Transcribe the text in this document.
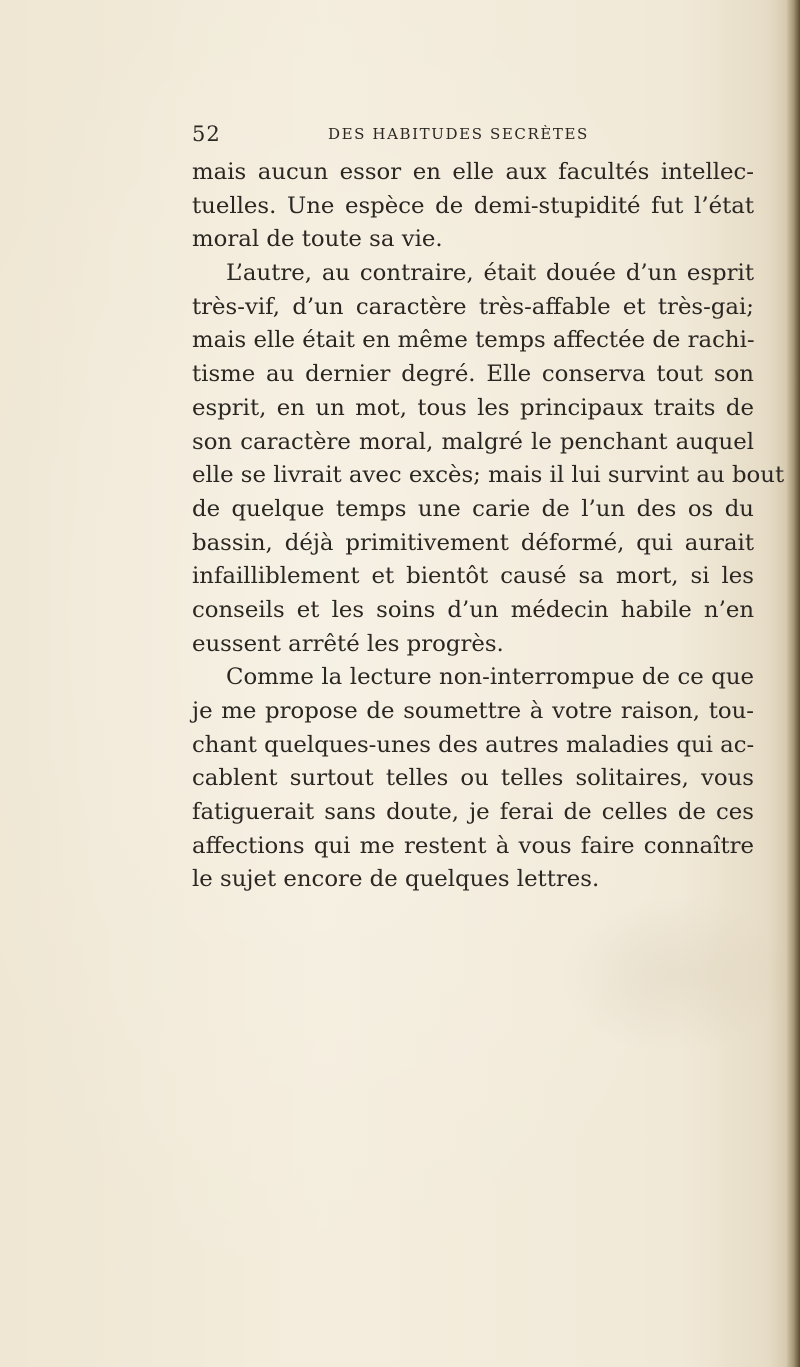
52	DES HABITUDES SECRÈTES
mais aucun essor en elle aux facultés intellec-
tuelles. Une espèce de demi-stupidité fut l’état
moral de toute sa vie.
L’autre, au contraire, était douée d’un esprit
très-vif, d’un caractère très-affable et très-gai;
mais elle était en même temps affectée de rachi-
tisme au dernier degré. Elle conserva tout son
esprit, en un mot, tous les principaux traits de
son caractère moral, malgré le penchant auquel
elle se livrait avec excès; mais il lui survint au bout
de quelque temps une carie de l’un des os du
bassin, déjà primitivement déformé, qui aurait
infailliblement et bientôt causé sa mort, si les
conseils et les soins d’un médecin habile n’en
eussent arrêté les progrès.
Comme la lecture non-interrompue de ce que
je me propose de soumettre à votre raison, tou-
chant quelques-unes des autres maladies qui ac-
cablent surtout telles ou telles solitaires, vous
fatiguerait sans doute, je ferai de celles de ces
affections qui me restent à vous faire connaître
le sujet encore de quelques lettres.
